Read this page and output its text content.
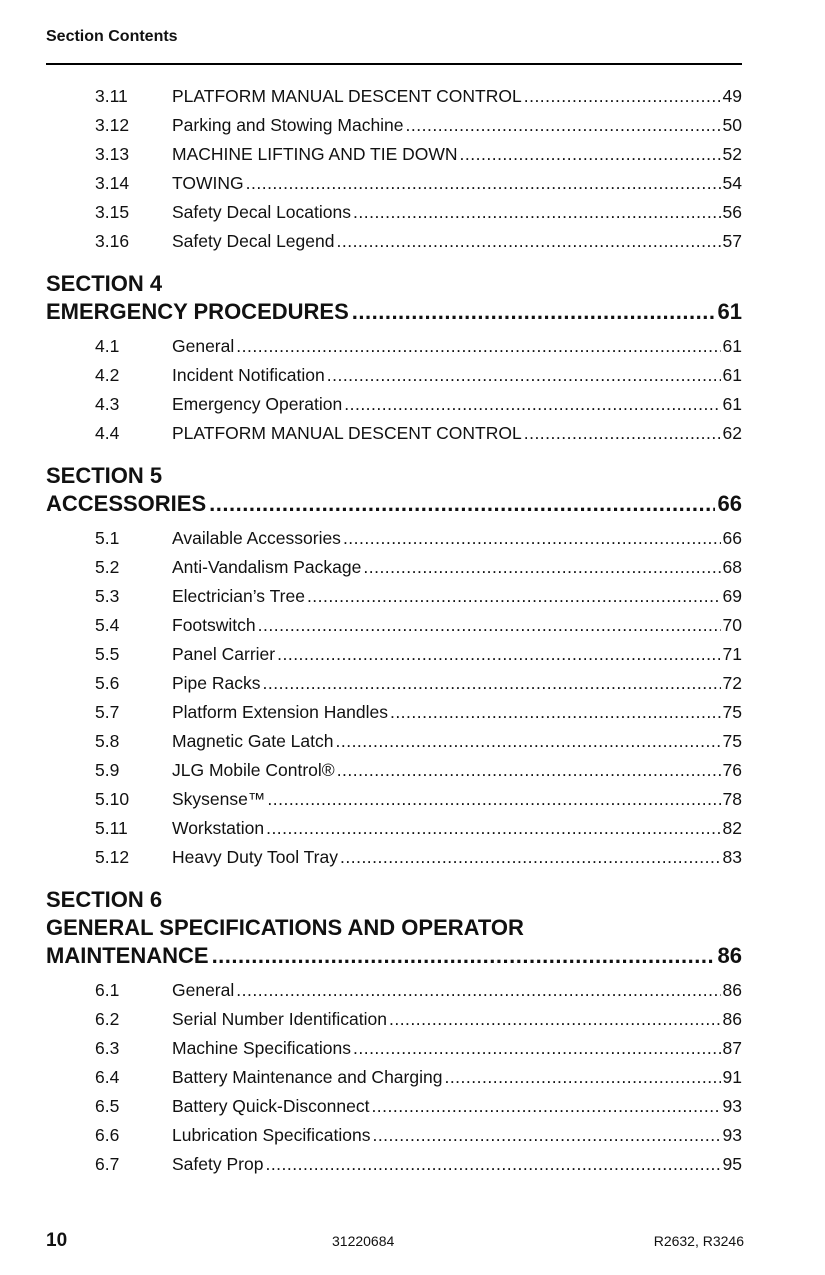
Section Contents
3.11	PLATFORM MANUAL DESCENT CONTROL .....	49
3.12	Parking and Stowing Machine .....	50
3.13	MACHINE LIFTING AND TIE DOWN .....	52
3.14	TOWING .....	54
3.15	Safety Decal Locations .....	56
3.16	Safety Decal Legend .....	57
SECTION 4
EMERGENCY PROCEDURES .....	61
4.1	General .....	61
4.2	Incident Notification .....	61
4.3	Emergency Operation .....	61
4.4	PLATFORM MANUAL DESCENT CONTROL .....	62
SECTION 5
ACCESSORIES .....	66
5.1	Available Accessories .....	66
5.2	Anti-Vandalism Package .....	68
5.3	Electrician’s Tree .....	69
5.4	Footswitch .....	70
5.5	Panel Carrier .....	71
5.6	Pipe Racks .....	72
5.7	Platform Extension Handles .....	75
5.8	Magnetic Gate Latch .....	75
5.9	JLG Mobile Control® .....	76
5.10	Skysense™ .....	78
5.11	Workstation .....	82
5.12	Heavy Duty Tool Tray .....	83
SECTION 6
GENERAL SPECIFICATIONS AND OPERATOR
MAINTENANCE .....	86
6.1	General .....	86
6.2	Serial Number Identification .....	86
6.3	Machine Specifications .....	87
6.4	Battery Maintenance and Charging .....	91
6.5	Battery Quick-Disconnect .....	93
6.6	Lubrication Specifications .....	93
6.7	Safety Prop .....	95
10	31220684	R2632, R3246
